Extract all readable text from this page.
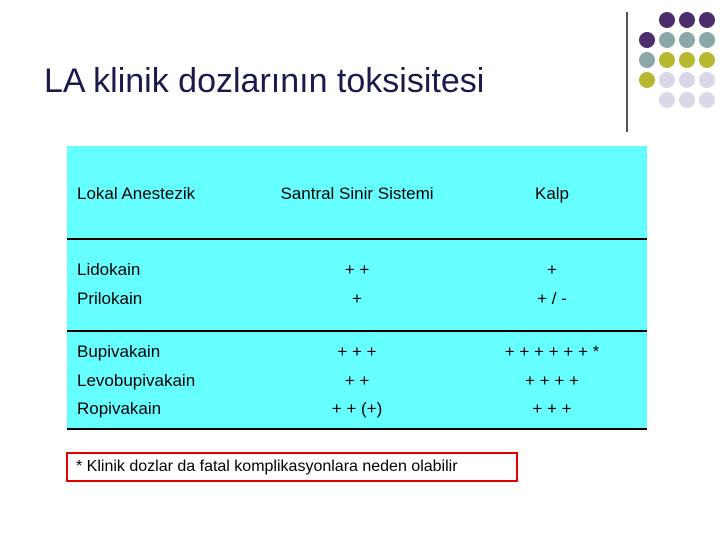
LA klinik dozlarının toksisitesi
Lokal Anestezik	Santral Sinir Sistemi	Kalp
Lidokain
Prilokain
+ +
+
+
+ / -
Bupivakain
Levobupivakain
Ropivakain
+ + +
+ +
+ + (+)
+ + + + + + *
+ + + +
+ + +
* Klinik dozlar da fatal komplikasyonlara neden olabilir
